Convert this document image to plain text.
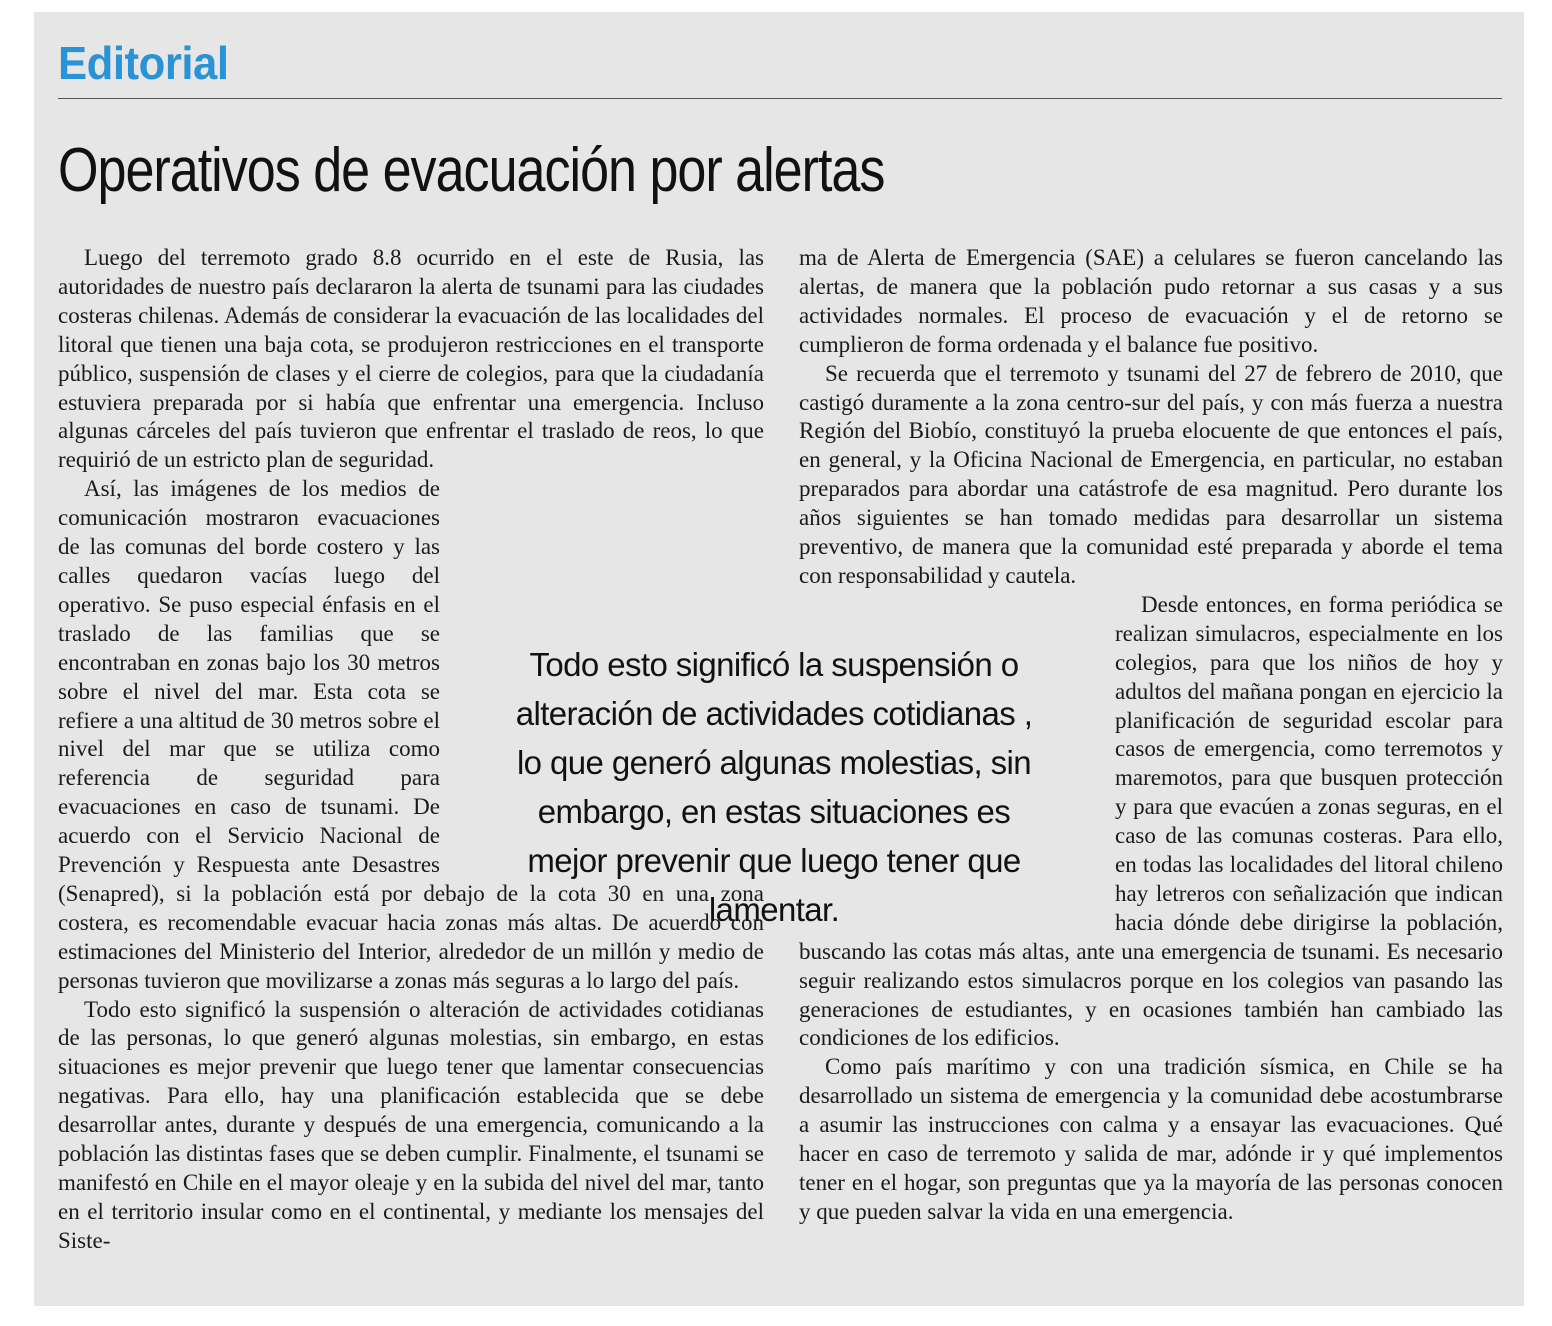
Editorial
Operativos de evacuación por alertas

Luego del terremoto grado 8.8 ocurrido en el este de Rusia, las autoridades de nuestro país declararon la alerta de tsunami para las ciudades costeras chilenas. Además de considerar la evacuación de las localidades del litoral que tienen una baja cota, se produjeron restricciones en el transporte público, suspensión de clases y el cierre de colegios, para que la ciudadanía estuviera preparada por si había que enfrentar una emergencia. Incluso algunas cárceles del país tuvieron que enfrentar el traslado de reos, lo que requirió de un estricto plan de seguridad.

Así, las imágenes de los medios de comunicación mostraron evacuaciones de las comunas del borde costero y las calles quedaron vacías luego del operativo. Se puso especial énfasis en el traslado de las familias que se encontraban en zonas bajo los 30 metros sobre el nivel del mar. Esta cota se refiere a una altitud de 30 metros sobre el nivel del mar que se utiliza como referencia de seguridad para evacuaciones en caso de tsunami. De acuerdo con el Servicio Nacional de Prevención y Respuesta ante Desastres (Senapred), si la población está por debajo de la cota 30 en una zona costera, es recomendable evacuar hacia zonas más altas. De acuerdo con estimaciones del Ministerio del Interior, alrededor de un millón y medio de personas tuvieron que movilizarse a zonas más seguras a lo largo del país.

Todo esto significó la suspensión o alteración de actividades cotidianas de las personas, lo que generó algunas molestias, sin embargo, en estas situaciones es mejor prevenir que luego tener que lamentar consecuencias negativas. Para ello, hay una planificación establecida que se debe desarrollar antes, durante y después de una emergencia, comunicando a la población las distintas fases que se deben cumplir. Finalmente, el tsunami se manifestó en Chile en el mayor oleaje y en la subida del nivel del mar, tanto en el territorio insular como en el continental, y mediante los mensajes del Siste-

ma de Alerta de Emergencia (SAE) a celulares se fueron cancelando las alertas, de manera que la población pudo retornar a sus casas y a sus actividades normales. El proceso de evacuación y el de retorno se cumplieron de forma ordenada y el balance fue positivo.

Se recuerda que el terremoto y tsunami del 27 de febrero de 2010, que castigó duramente a la zona centro-sur del país, y con más fuerza a nuestra Región del Biobío, constituyó la prueba elocuente de que entonces el país, en general, y la Oficina Nacional de Emergencia, en particular, no estaban preparados para abordar una catástrofe de esa magnitud. Pero durante los años siguientes se han tomado medidas para desarrollar un sistema preventivo, de manera que la comunidad esté preparada y aborde el tema con responsabilidad y cautela.

Desde entonces, en forma periódica se realizan simulacros, especialmente en los colegios, para que los niños de hoy y adultos del mañana pongan en ejercicio la planificación de seguridad escolar para casos de emergencia, como terremotos y maremotos, para que busquen protección y para que evacúen a zonas seguras, en el caso de las comunas costeras. Para ello, en todas las localidades del litoral chileno hay letreros con señalización que indican hacia dónde debe dirigirse la población, buscando las cotas más altas, ante una emergencia de tsunami. Es necesario seguir realizando estos simulacros porque en los colegios van pasando las generaciones de estudiantes, y en ocasiones también han cambiado las condiciones de los edificios.

Como país marítimo y con una tradición sísmica, en Chile se ha desarrollado un sistema de emergencia y la comunidad debe acostumbrarse a asumir las instrucciones con calma y a ensayar las evacuaciones. Qué hacer en caso de terremoto y salida de mar, adónde ir y qué implementos tener en el hogar, son preguntas que ya la mayoría de las personas conocen y que pueden salvar la vida en una emergencia.

Todo esto significó la suspensión o alteración de actividades cotidianas , lo que generó algunas molestias, sin embargo, en estas situaciones es mejor prevenir que luego tener que lamentar.
